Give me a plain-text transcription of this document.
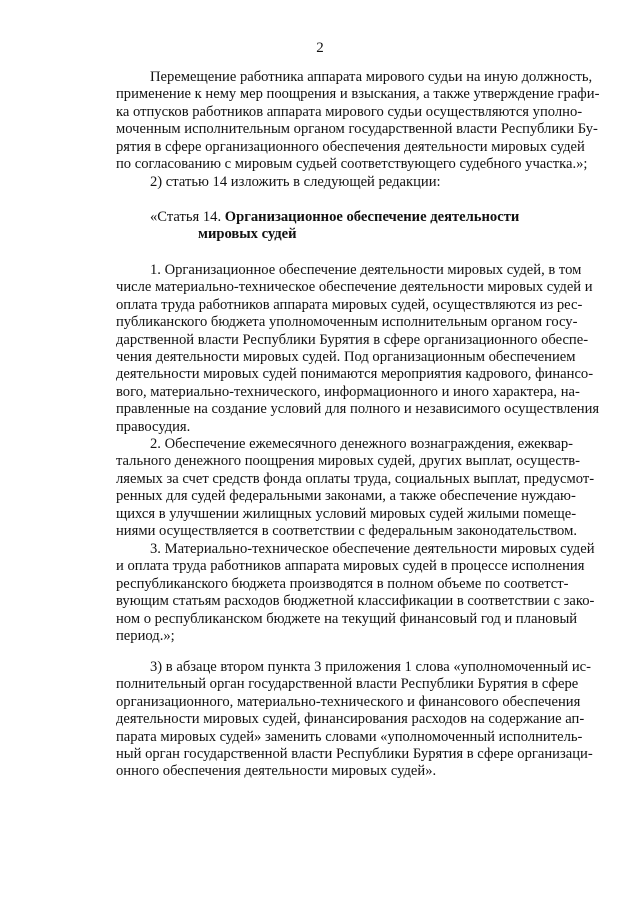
2
Перемещение работника аппарата мирового судьи на иную должность,
применение к нему мер поощрения и взыскания, а также утверждение графи-
ка отпусков работников аппарата мирового судьи осуществляются уполно-
моченным исполнительным органом государственной власти Республики Бу-
рятия в сфере организационного обеспечения деятельности мировых судей
по согласованию с мировым судьей соответствующего судебного участка.»;
2) статью 14 изложить в следующей редакции:
«Статья 14. Организационное обеспечение деятельности
мировых судей
1. Организационное обеспечение деятельности мировых судей, в том
числе материально-техническое обеспечение деятельности мировых судей и
оплата труда работников аппарата мировых судей, осуществляются из рес-
публиканского бюджета уполномоченным исполнительным органом госу-
дарственной власти Республики Бурятия в сфере организационного обеспе-
чения деятельности мировых судей. Под организационным обеспечением
деятельности мировых судей понимаются мероприятия кадрового, финансо-
вого, материально-технического, информационного и иного характера, на-
правленные на создание условий для полного и независимого осуществления
правосудия.
2. Обеспечение ежемесячного денежного вознаграждения, ежеквар-
тального денежного поощрения мировых судей, других выплат, осуществ-
ляемых за счет средств фонда оплаты труда, социальных выплат, предусмот-
ренных для судей федеральными законами, а также обеспечение нуждаю-
щихся в улучшении жилищных условий мировых судей жилыми помеще-
ниями осуществляется в соответствии с федеральным законодательством.
3. Материально-техническое обеспечение деятельности мировых судей
и оплата труда работников аппарата мировых судей в процессе исполнения
республиканского бюджета производятся в полном объеме по соответст-
вующим статьям расходов бюджетной классификации в соответствии с зако-
ном о республиканском бюджете на текущий финансовый год и плановый
период.»;
3) в абзаце втором пункта 3 приложения 1 слова «уполномоченный ис-
полнительный орган государственной власти Республики Бурятия в сфере
организационного, материально-технического и финансового обеспечения
деятельности мировых судей, финансирования расходов на содержание ап-
парата мировых судей» заменить словами «уполномоченный исполнитель-
ный орган государственной власти Республики Бурятия в сфере организаци-
онного обеспечения деятельности мировых судей».
